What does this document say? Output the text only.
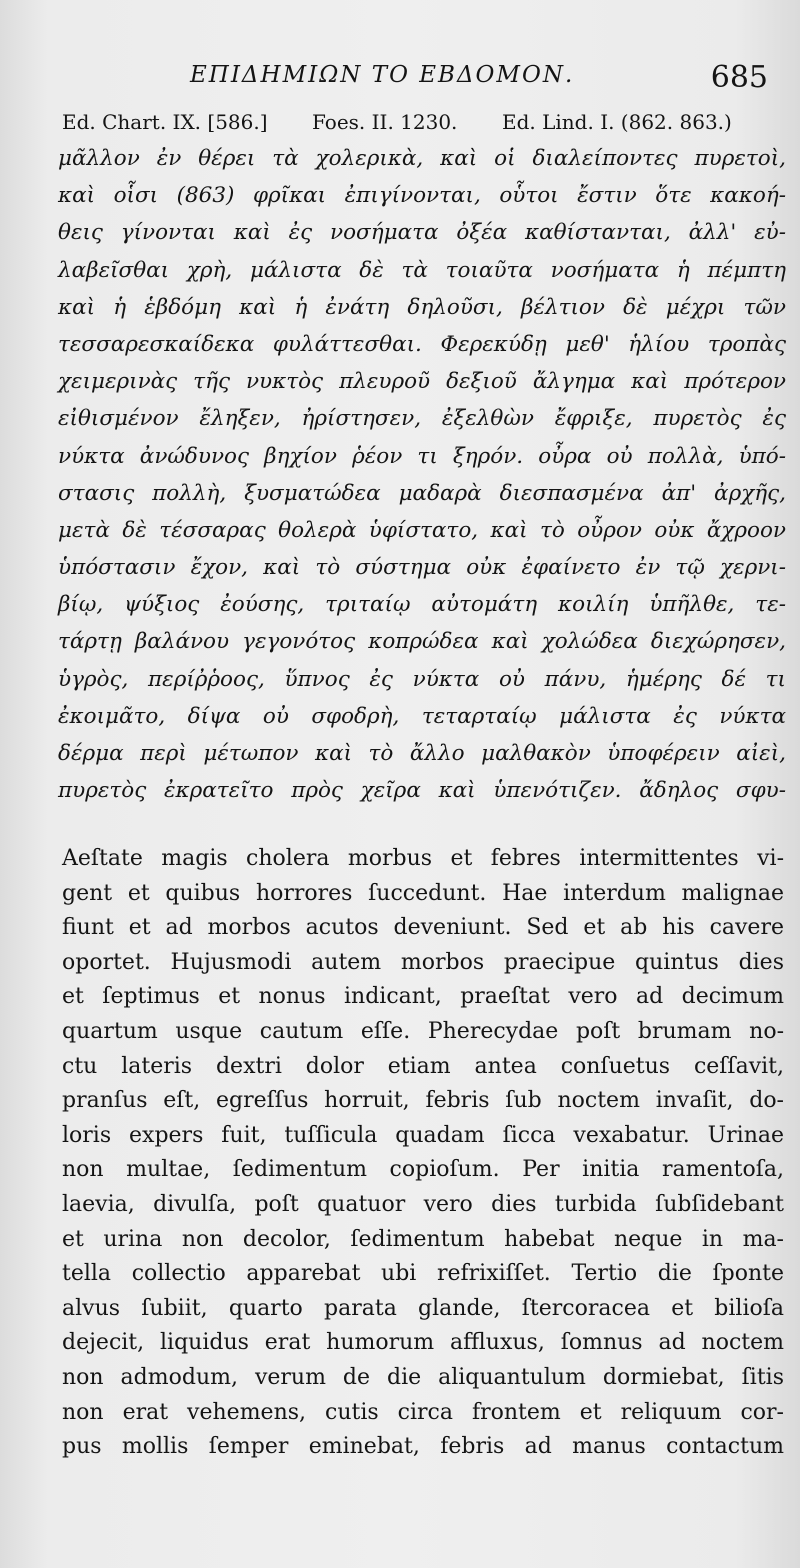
ΕΠΙΔΗΜΙΩΝ ΤΟ ΕΒΔΟΜΟΝ.	685
Ed. Chart. IX. [586.] Foes. II. 1230. Ed. Lind. I. (862. 863.)
μᾶλλον ἐν θέρει τὰ χολερικὰ, καὶ οἱ διαλείποντες πυρετοὶ,
καὶ οἷσι (863) φρῖκαι ἐπιγίνονται, οὗτοι ἔστιν ὅτε κακοή-
θεις γίνονται καὶ ἐς νοσήματα ὀξέα καθίστανται, ἀλλ' εὐ-
λαβεῖσθαι χρὴ, μάλιστα δὲ τὰ τοιαῦτα νοσήματα ἡ πέμπτη
καὶ ἡ ἑβδόμη καὶ ἡ ἐνάτη δηλοῦσι, βέλτιον δὲ μέχρι τῶν
τεσσαρεσκαίδεκα φυλάττεσθαι. Φερεκύδῃ μεθ' ἡλίου τροπὰς
χειμερινὰς τῆς νυκτὸς πλευροῦ δεξιοῦ ἄλγημα καὶ πρότερον
εἰθισμένον ἔληξεν, ἠρίστησεν, ἐξελθὼν ἔφριξε, πυρετὸς ἐς
νύκτα ἀνώδυνος βηχίον ῥέον τι ξηρόν. οὖρα οὐ πολλὰ, ὑπό-
στασις πολλὴ, ξυσματώδεα μαδαρὰ διεσπασμένα ἀπ' ἀρχῆς,
μετὰ δὲ τέσσαρας θολερὰ ὑφίστατο, καὶ τὸ οὖρον οὐκ ἄχροον
ὑπόστασιν ἔχον, καὶ τὸ σύστημα οὐκ ἐφαίνετο ἐν τῷ χερνι-
βίῳ, ψύξιος ἐούσης, τριταίῳ αὐτομάτη κοιλίη ὑπῆλθε, τε-
τάρτῃ βαλάνου γεγονότος κοπρώδεα καὶ χολώδεα διεχώρησεν,
ὑγρὸς, περίῤῥοος, ὕπνος ἐς νύκτα οὐ πάνυ, ἡμέρης δέ τι
ἐκοιμᾶτο, δίψα οὐ σφοδρὴ, τεταρταίῳ μάλιστα ἐς νύκτα
δέρμα περὶ μέτωπον καὶ τὸ ἄλλο μαλθακὸν ὑποφέρειν αἰεὶ,
πυρετὸς ἐκρατεῖτο πρὸς χεῖρα καὶ ὑπενότιζεν. ἄδηλος σφυ-
Aeſtate magis cholera morbus et febres intermittentes vi-
gent et quibus horrores ſuccedunt. Hae interdum malignae
fiunt et ad morbos acutos deveniunt. Sed et ab his cavere
oportet. Hujusmodi autem morbos praecipue quintus dies
et ſeptimus et nonus indicant, praeſtat vero ad decimum
quartum usque cautum eſſe. Pherecydae poſt brumam no-
ctu lateris dextri dolor etiam antea conſuetus ceſſavit,
pranſus eſt, egreſſus horruit, febris ſub noctem invaſit, do-
loris expers fuit, tuſſicula quadam ſicca vexabatur. Urinae
non multae, ſedimentum copioſum. Per initia ramentoſa,
laevia, divulſa, poſt quatuor vero dies turbida ſubſidebant
et urina non decolor, ſedimentum habebat neque in ma-
tella collectio apparebat ubi refrixiſſet. Tertio die ſponte
alvus ſubiit, quarto parata glande, ſtercoracea et bilioſa
dejecit, liquidus erat humorum affluxus, ſomnus ad noctem
non admodum, verum de die aliquantulum dormiebat, ſitis
non erat vehemens, cutis circa frontem et reliquum cor-
pus mollis ſemper eminebat, febris ad manus contactum
